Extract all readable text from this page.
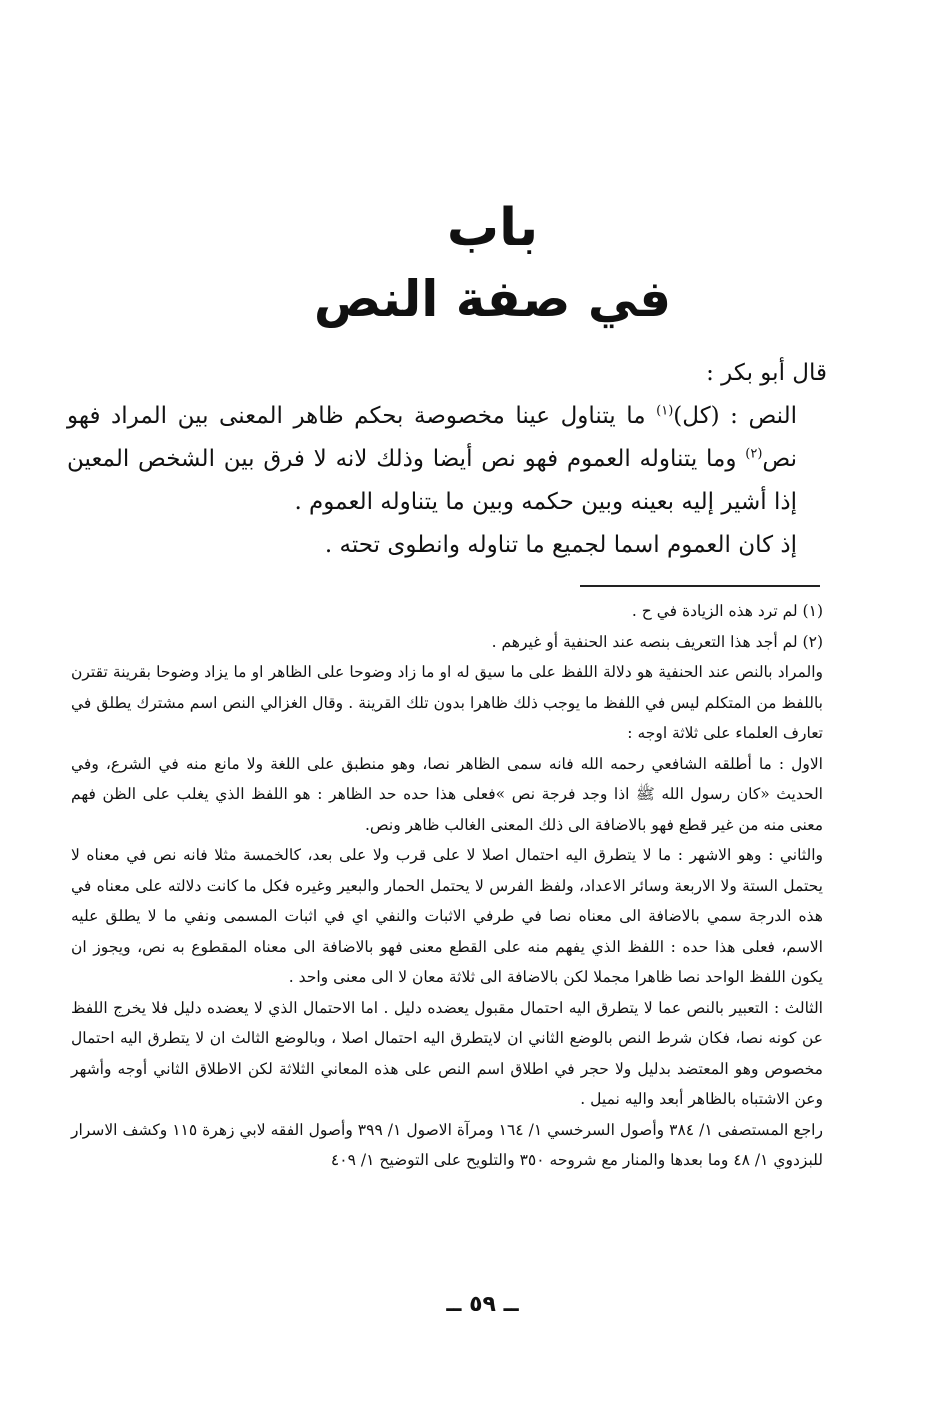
باب
في صفة النص

قال أبو بكر :

النص : (كل)$^{(١)}$ ما يتناول عينا مخصوصة بحكم ظاهر المعنى بين المراد فهو نص$^{(٢)}$ وما يتناوله العموم فهو نص أيضا وذلك لانه لا فرق بين الشخص المعين إذا أشير إليه بعينه وبين حكمه وبين ما يتناوله العموم .

إذ كان العموم اسما لجميع ما تناوله وانطوى تحته .

(١) لم ترد هذه الزيادة في ح .

(٢) لم أجد هذا التعريف بنصه عند الحنفية أو غيرهم .

والمراد بالنص عند الحنفية هو دلالة اللفظ على ما سيق له او ما زاد وضوحا على الظاهر او ما يزاد وضوحا بقرينة تقترن باللفظ من المتكلم ليس في اللفظ ما يوجب ذلك ظاهرا بدون تلك القرينة . وقال الغزالي النص اسم مشترك يطلق في تعارف العلماء على ثلاثة اوجه :

الاول : ما أطلقه الشافعي رحمه الله فانه سمى الظاهر نصا، وهو منطبق على اللغة ولا مانع منه في الشرع، وفي الحديث «كان رسول الله ﷺ اذا وجد فرجة نص »فعلى هذا حده حد الظاهر : هو اللفظ الذي يغلب على الظن فهم معنى منه من غير قطع فهو بالاضافة الى ذلك المعنى الغالب ظاهر ونص.

والثاني : وهو الاشهر : ما لا يتطرق اليه احتمال اصلا لا على قرب ولا على بعد، كالخمسة مثلا فانه نص في معناه لا يحتمل الستة ولا الاربعة وسائر الاعداد، ولفظ الفرس لا يحتمل الحمار والبعير وغيره فكل ما كانت دلالته على معناه في هذه الدرجة سمي بالاضافة الى معناه نصا في طرفي الاثبات والنفي اي في اثبات المسمى ونفي ما لا يطلق عليه الاسم، فعلى هذا حده : اللفظ الذي يفهم منه على القطع معنى فهو بالاضافة الى معناه المقطوع به نص، ويجوز ان يكون اللفظ الواحد نصا ظاهرا مجملا لكن بالاضافة الى ثلاثة معان لا الى معنى واحد .

الثالث : التعبير بالنص عما لا يتطرق اليه احتمال مقبول يعضده دليل . اما الاحتمال الذي لا يعضده دليل فلا يخرج اللفظ عن كونه نصا، فكان شرط النص بالوضع الثاني ان لايتطرق اليه احتمال اصلا ، وبالوضع الثالث ان لا يتطرق اليه احتمال مخصوص وهو المعتضد بدليل ولا حجر في اطلاق اسم النص على هذه المعاني الثلاثة لكن الاطلاق الثاني أوجه وأشهر وعن الاشتباه بالظاهر أبعد واليه نميل .

راجع المستصفى ١/ ٣٨٤ وأصول السرخسي ١/ ١٦٤ ومرآة الاصول ١/ ٣٩٩ وأصول الفقه لابي زهرة ١١٥ وكشف الاسرار للبزدوي ١/ ٤٨ وما بعدها والمنار مع شروحه ٣٥٠ والتلويح على التوضيح ١/ ٤٠٩

ــ ٥٩ ــ
